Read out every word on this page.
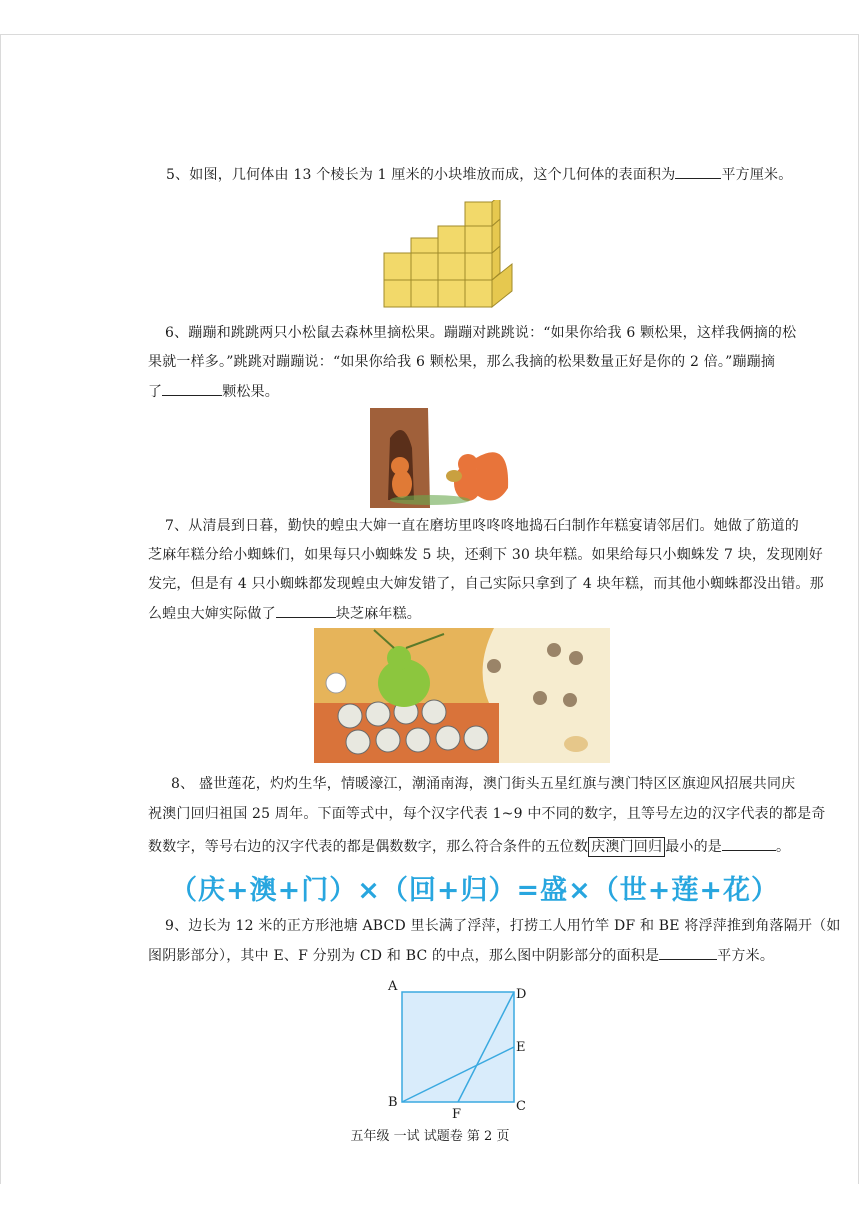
5、如图，几何体由 13 个棱长为 1 厘米的小块堆放而成，这个几何体的表面积为	平方厘米。
6、蹦蹦和跳跳两只小松鼠去森林里摘松果。蹦蹦对跳跳说：“如果你给我 6 颗松果，这样我俩摘的松
果就一样多。”跳跳对蹦蹦说：“如果你给我 6 颗松果，那么我摘的松果数量正好是你的 2 倍。”蹦蹦摘
了	颗松果。
7、从清晨到日暮，勤快的蝗虫大婶一直在磨坊里咚咚咚地捣石臼制作年糕宴请邻居们。她做了筋道的
芝麻年糕分给小蜘蛛们，如果每只小蜘蛛发 5 块，还剩下 30 块年糕。如果给每只小蜘蛛发 7 块，发现刚好
发完，但是有 4 只小蜘蛛都发现蝗虫大婶发错了，自己实际只拿到了 4 块年糕，而其他小蜘蛛都没出错。那
么蝗虫大婶实际做了	块芝麻年糕。
8、 盛世莲花，灼灼生华，情暖濠江，潮涌南海，澳门街头五星红旗与澳门特区区旗迎风招展共同庆
祝澳门回归祖国 25 周年。下面等式中，每个汉字代表 1~9 中不同的数字，且等号左边的汉字代表的都是奇
数数字，等号右边的汉字代表的都是偶数数字，那么符合条件的五位数 庆澳门回归 最小的是	。
（庆+澳+门）×（回+归）=盛×（世+莲+花）
9、边长为 12 米的正方形池塘 ABCD 里长满了浮萍，打捞工人用竹竿 DF 和 BE 将浮萍推到角落隔开（如
图阴影部分），其中 E、F 分别为 CD 和 BC 的中点，那么图中阴影部分的面积是	平方米。
A
D
E
B	C
F
五年级 一试 试题卷 第 2 页
